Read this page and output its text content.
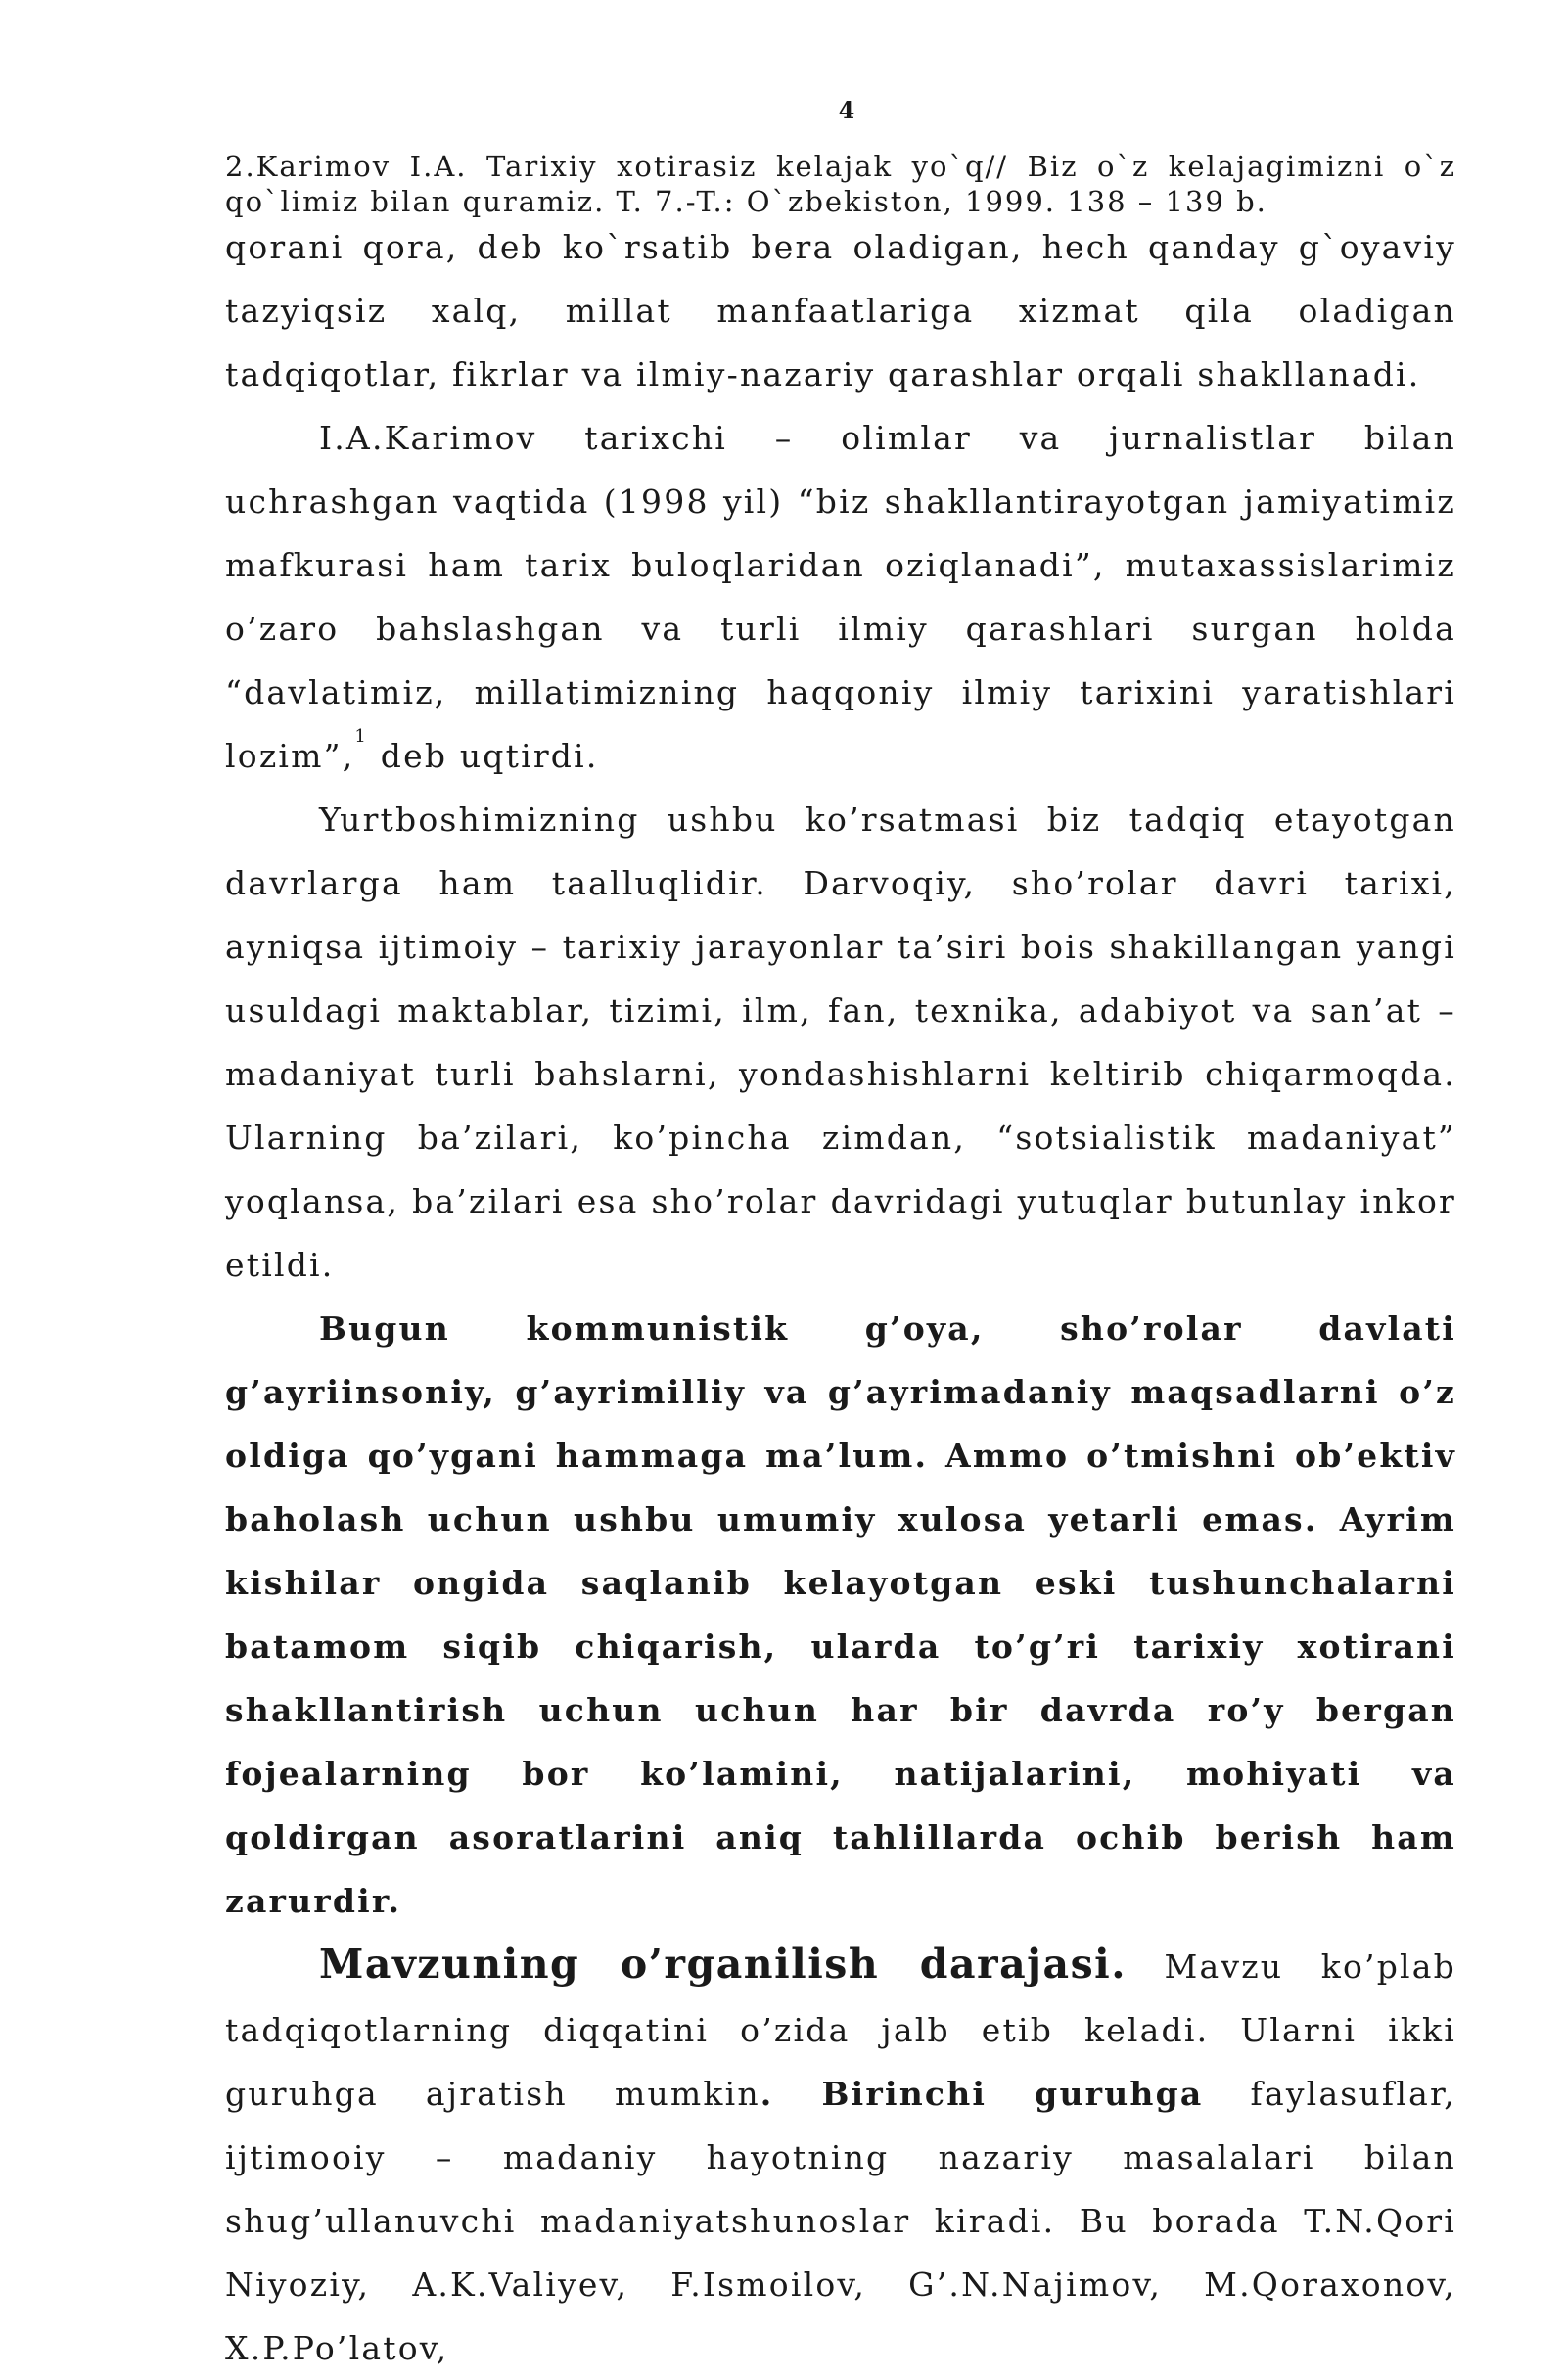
4
2.Karimov I.A. Tarixiy xotirasiz kelajak yo`q// Biz o`z kelajagimizni o`z qo`limiz bilan quramiz. T. 7.-T.: O`zbekiston, 1999. 138 – 139 b.

qorani qora, deb ko`rsatib bera oladigan, hech qanday g`oyaviy tazyiqsiz xalq, millat manfaatlariga xizmat qila oladigan tadqiqotlar, fikrlar va ilmiy-nazariy qarashlar orqali shakllanadi.

I.A.Karimov tarixchi – olimlar va jurnalistlar bilan uchrashgan vaqtida (1998 yil) “biz shakllantirayotgan jamiyatimiz mafkurasi ham tarix buloqlaridan oziqlanadi”, mutaxassislarimiz o’zaro bahslashgan va turli ilmiy qarashlari surgan holda “davlatimiz, millatimizning haqqoniy ilmiy tarixini yaratishlari lozim”,$^1$ deb uqtirdi.

Yurtboshimizning ushbu ko’rsatmasi biz tadqiq etayotgan davrlarga ham taalluqlidir. Darvoqiy, sho’rolar davri tarixi, ayniqsa ijtimoiy – tarixiy jarayonlar ta’siri bois shakillangan yangi usuldagi maktablar, tizimi, ilm, fan, texnika, adabiyot va san’at – madaniyat turli bahslarni, yondashishlarni keltirib chiqarmoqda. Ularning ba’zilari, ko’pincha zimdan, “sotsialistik madaniyat” yoqlansa, ba’zilari esa sho’rolar davridagi yutuqlar butunlay inkor etildi.

Bugun kommunistik g’oya, sho’rolar davlati g’ayriinsoniy, g’ayrimilliy va g’ayrimadaniy maqsadlarni o’z oldiga qo’ygani hammaga ma’lum. Ammo o’tmishni ob’ektiv baholash uchun ushbu umumiy xulosa yetarli emas. Ayrim kishilar ongida saqlanib kelayotgan eski tushunchalarni batamom siqib chiqarish, ularda to’g’ri tarixiy xotirani shakllantirish uchun uchun har bir davrda ro’y bergan fojealarning bor ko’lamini, natijalarini, mohiyati va qoldirgan asoratlarini aniq tahlillarda ochib berish ham zarurdir.

Mavzuning o’rganilish darajasi. Mavzu ko’plab tadqiqotlarning diqqatini o’zida jalb etib keladi. Ularni ikki guruhga ajratish mumkin. Birinchi guruhga faylasuflar, ijtimooiy – madaniy hayotning nazariy masalalari bilan shug’ullanuvchi madaniyatshunoslar kiradi. Bu borada T.N.Qori Niyoziy, A.K.Valiyev, F.Ismoilov, G’.N.Najimov, M.Qoraxonov, X.P.Po’latov,
